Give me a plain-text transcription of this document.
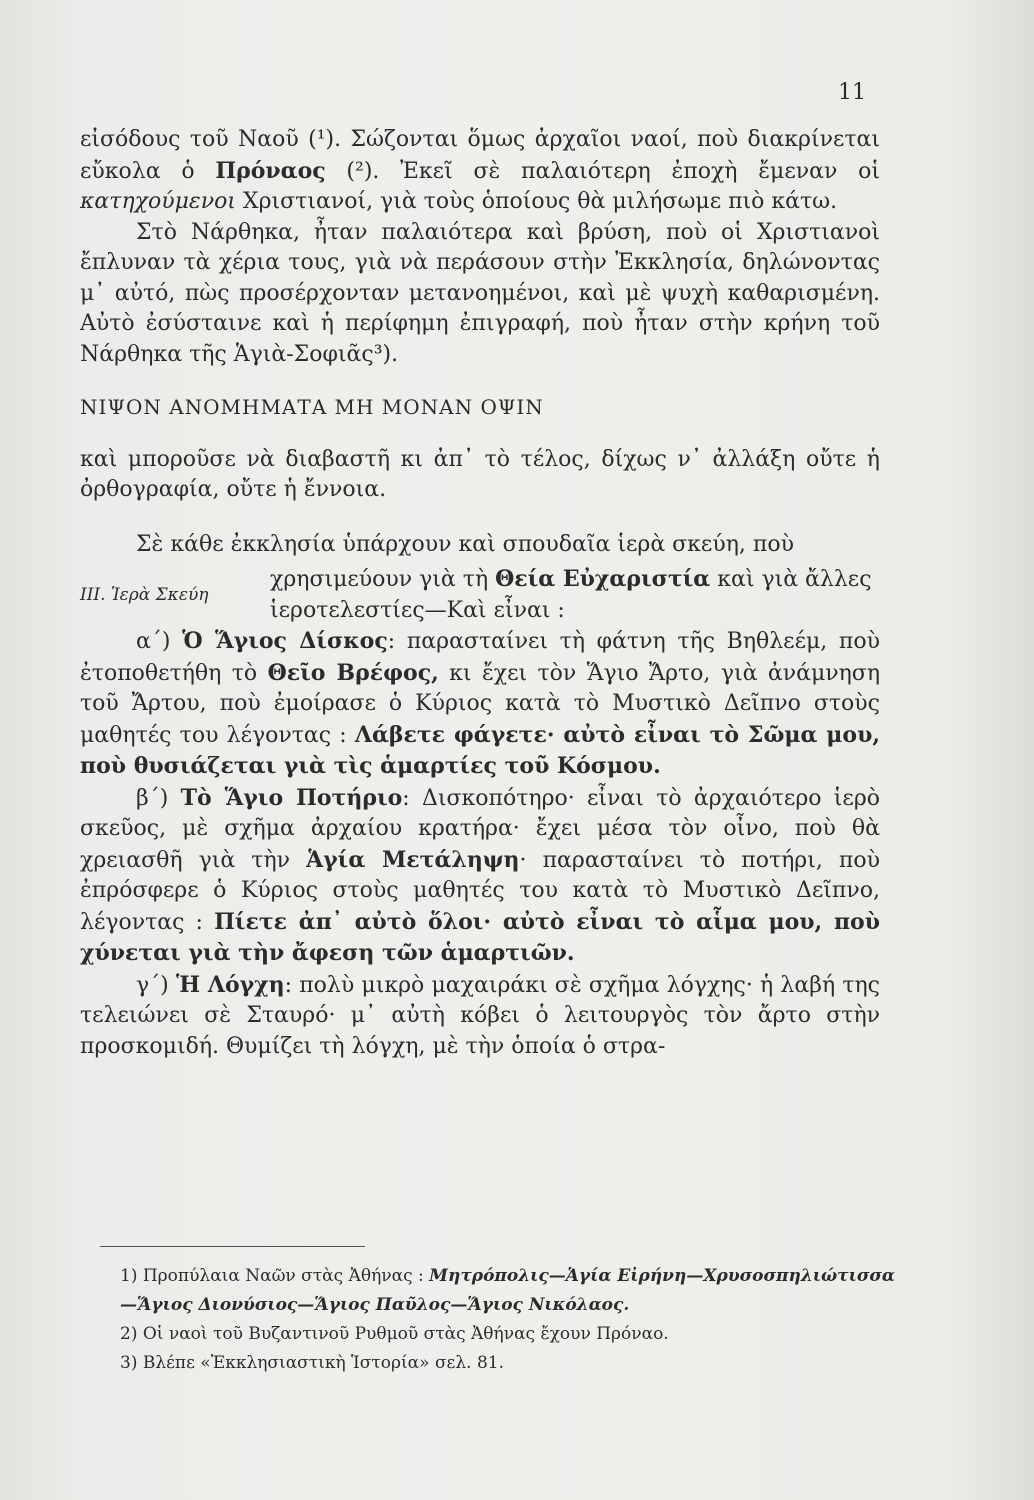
11

εἰσόδους τοῦ Ναοῦ (¹). Σώζονται ὅμως ἀρχαῖοι ναοί, ποὺ διακρίνεται εὔκολα ὁ Πρόναος (²). Ἐκεῖ σὲ παλαιότερη ἐποχὴ ἔμεναν οἱ κατηχούμενοι Χριστιανοί, γιὰ τοὺς ὁποίους θὰ μιλήσωμε πιὸ κάτω.

Στὸ Νάρθηκα, ἦταν παλαιότερα καὶ βρύση, ποὺ οἱ Χριστιανοὶ ἔπλυναν τὰ χέρια τους, γιὰ νὰ περάσουν στὴν Ἐκκλησία, δηλώνοντας μ᾽ αὐτό, πὼς προσέρχονταν μετανοημένοι, καὶ μὲ ψυχὴ καθαρισμένη. Αὐτὸ ἐσύσταινε καὶ ἡ περίφημη ἐπιγραφή, ποὺ ἦταν στὴν κρήνη τοῦ Νάρθηκα τῆς Ἁγιὰ-Σοφιᾶς³).

ΝΙΨΟΝ ΑΝΟΜΗΜΑΤΑ ΜΗ ΜΟΝΑΝ ΟΨΙΝ

καὶ μποροῦσε νὰ διαβαστῆ κι ἀπ᾽ τὸ τέλος, δίχως ν᾽ ἀλλάξη οὔτε ἡ ὀρθογραφία, οὔτε ἡ ἔννοια.

Σὲ κάθε ἐκκλησία ὑπάρχουν καὶ σπουδαῖα ἱερὰ σκεύη, ποὺ

ΙΙΙ. Ἱερὰ Σκεύη
χρησιμεύουν γιὰ τὴ Θεία Εὐχαριστία καὶ γιὰ ἄλλες ἱεροτελεστίες—Καὶ εἶναι :

α΄) Ὁ Ἅγιος Δίσκος: παρασταίνει τὴ φάτνη τῆς Βηθλεέμ, ποὺ ἐτοποθετήθη τὸ Θεῖο Βρέφος, κι ἔχει τὸν Ἅγιο Ἄρτο, γιὰ ἀνάμνηση τοῦ Ἄρτου, ποὺ ἐμοίρασε ὁ Κύριος κατὰ τὸ Μυστικὸ Δεῖπνο στοὺς μαθητές του λέγοντας : Λάβετε φάγετε· αὐτὸ εἶναι τὸ Σῶμα μου, ποὺ θυσιάζεται γιὰ τὶς ἁμαρτίες τοῦ Κόσμου.

β΄) Τὸ Ἅγιο Ποτήριο: Δισκοπότηρο· εἶναι τὸ ἀρχαιότερο ἱερὸ σκεῦος, μὲ σχῆμα ἀρχαίου κρατήρα· ἔχει μέσα τὸν οἶνο, ποὺ θὰ χρειασθῆ γιὰ τὴν Ἁγία Μετάληψη· παρασταίνει τὸ ποτήρι, ποὺ ἐπρόσφερε ὁ Κύριος στοὺς μαθητές του κατὰ τὸ Μυστικὸ Δεῖπνο, λέγοντας : Πίετε ἀπ᾽ αὐτὸ ὅλοι· αὐτὸ εἶναι τὸ αἷμα μου, ποὺ χύνεται γιὰ τὴν ἄφεση τῶν ἁμαρτιῶν.

γ΄) Ἡ Λόγχη: πολὺ μικρὸ μαχαιράκι σὲ σχῆμα λόγχης· ἡ λαβή της τελειώνει σὲ Σταυρό· μ᾽ αὐτὴ κόβει ὁ λειτουργὸς τὸν ἄρτο στὴν προσκομιδή. Θυμίζει τὴ λόγχη, μὲ τὴν ὁποία ὁ στρα-

1) Προπύλαια Ναῶν στὰς Ἀθήνας : Μητρόπολις—Ἁγία Εἰρήνη—Χρυσοσπηλιώτισσα—Ἅγιος Διονύσιος—Ἅγιος Παῦλος—Ἅγιος Νικόλαος.

2) Οἱ ναοὶ τοῦ Βυζαντινοῦ Ρυθμοῦ στὰς Ἀθήνας ἔχουν Πρόναο.

3) Βλέπε «Ἐκκλησιαστικὴ Ἱστορία» σελ. 81.
